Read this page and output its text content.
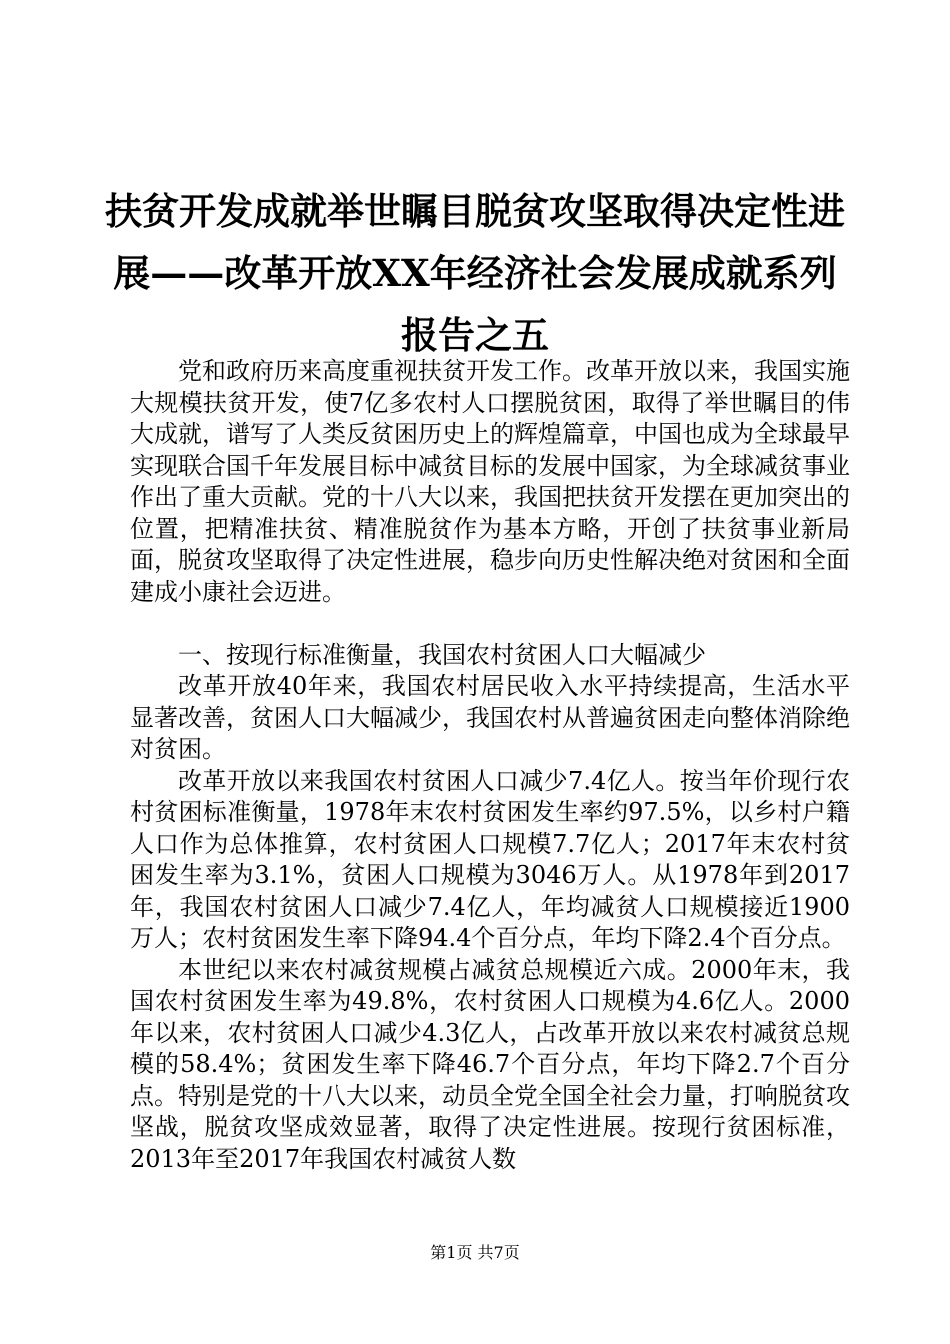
扶贫开发成就举世瞩目脱贫攻坚取得决定性进展——改革开放XX年经济社会发展成就系列报告之五

党和政府历来高度重视扶贫开发工作。改革开放以来，我国实施大规模扶贫开发，使7亿多农村人口摆脱贫困，取得了举世瞩目的伟大成就，谱写了人类反贫困历史上的辉煌篇章，中国也成为全球最早实现联合国千年发展目标中减贫目标的发展中国家，为全球减贫事业作出了重大贡献。党的十八大以来，我国把扶贫开发摆在更加突出的位置，把精准扶贫、精准脱贫作为基本方略，开创了扶贫事业新局面，脱贫攻坚取得了决定性进展，稳步向历史性解决绝对贫困和全面建成小康社会迈进。

一、按现行标准衡量，我国农村贫困人口大幅减少

改革开放40年来，我国农村居民收入水平持续提高，生活水平显著改善，贫困人口大幅减少，我国农村从普遍贫困走向整体消除绝对贫困。

改革开放以来我国农村贫困人口减少7.4亿人。按当年价现行农村贫困标准衡量，1978年末农村贫困发生率约97.5%，以乡村户籍人口作为总体推算，农村贫困人口规模7.7亿人；2017年末农村贫困发生率为3.1%，贫困人口规模为3046万人。从1978年到2017年，我国农村贫困人口减少7.4亿人，年均减贫人口规模接近1900万人；农村贫困发生率下降94.4个百分点，年均下降2.4个百分点。

本世纪以来农村减贫规模占减贫总规模近六成。2000年末，我国农村贫困发生率为49.8%，农村贫困人口规模为4.6亿人。2000年以来，农村贫困人口减少4.3亿人，占改革开放以来农村减贫总规模的58.4%；贫困发生率下降46.7个百分点，年均下降2.7个百分点。特别是党的十八大以来，动员全党全国全社会力量，打响脱贫攻坚战，脱贫攻坚成效显著，取得了决定性进展。按现行贫困标准，2013年至2017年我国农村减贫人数

第1页 共7页
